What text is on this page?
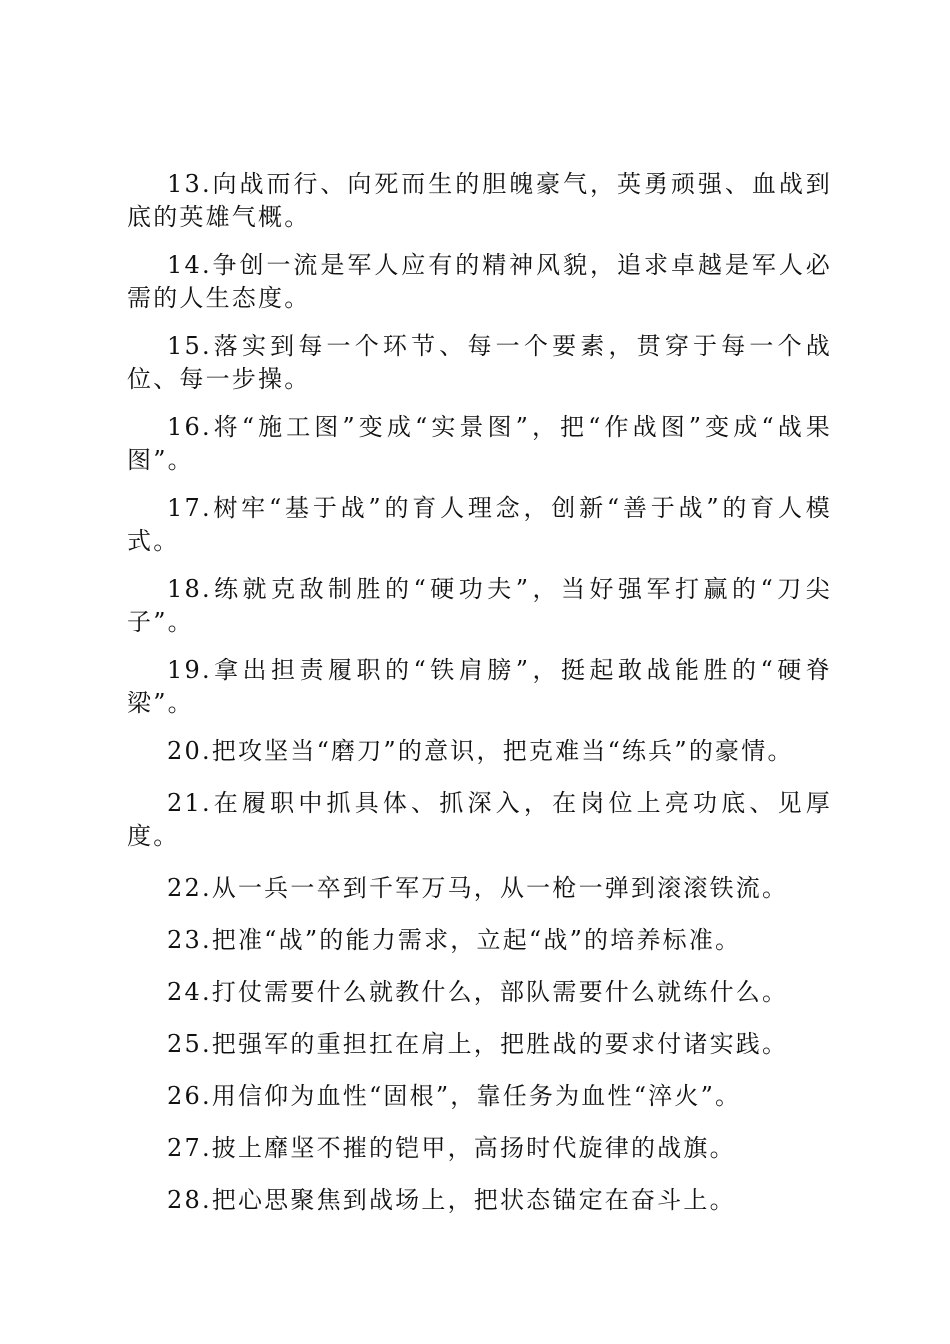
13.向战而行、向死而生的胆魄豪气，英勇顽强、血战到底的英雄气概。

14.争创一流是军人应有的精神风貌，追求卓越是军人必需的人生态度。

15.落实到每一个环节、每一个要素，贯穿于每一个战位、每一步操。

16.将“施工图”变成“实景图”，把“作战图”变成“战果图”。

17.树牢“基于战”的育人理念，创新“善于战”的育人模式。

18.练就克敌制胜的“硬功夫”，当好强军打赢的“刀尖子”。

19.拿出担责履职的“铁肩膀”，挺起敢战能胜的“硬脊梁”。

20.把攻坚当“磨刀”的意识，把克难当“练兵”的豪情。

21.在履职中抓具体、抓深入，在岗位上亮功底、见厚度。

22.从一兵一卒到千军万马，从一枪一弹到滚滚铁流。

23.把准“战”的能力需求，立起“战”的培养标准。

24.打仗需要什么就教什么，部队需要什么就练什么。

25.把强军的重担扛在肩上，把胜战的要求付诸实践。

26.用信仰为血性“固根”，靠任务为血性“淬火”。

27.披上靡坚不摧的铠甲，高扬时代旋律的战旗。

28.把心思聚焦到战场上，把状态锚定在奋斗上。
